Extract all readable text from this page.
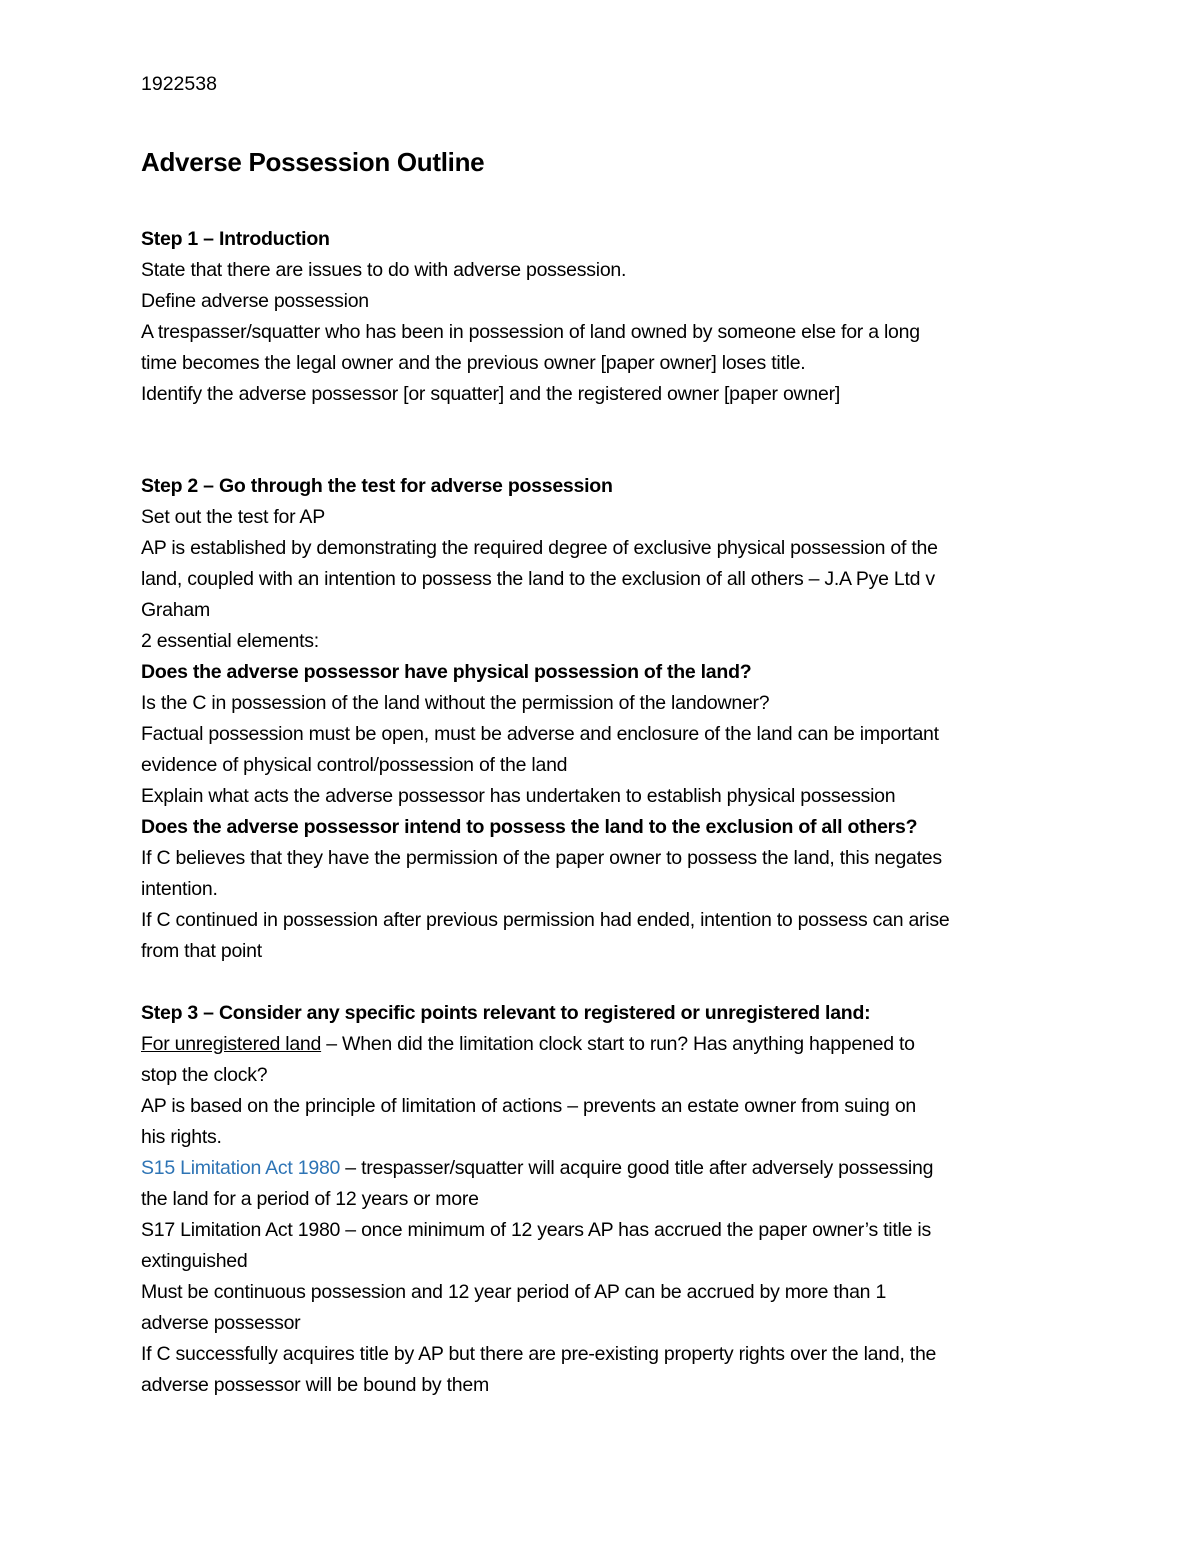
1922538
Adverse Possession Outline
Step 1 – Introduction
State that there are issues to do with adverse possession.
Define adverse possession
A trespasser/squatter who has been in possession of land owned by someone else for a long
time becomes the legal owner and the previous owner [paper owner] loses title.
Identify the adverse possessor [or squatter] and the registered owner [paper owner]
Step 2 – Go through the test for adverse possession
Set out the test for AP
AP is established by demonstrating the required degree of exclusive physical possession of the
land, coupled with an intention to possess the land to the exclusion of all others – J.A Pye Ltd v
Graham
2 essential elements:
Does the adverse possessor have physical possession of the land?
Is the C in possession of the land without the permission of the landowner?
Factual possession must be open, must be adverse and enclosure of the land can be important
evidence of physical control/possession of the land
Explain what acts the adverse possessor has undertaken to establish physical possession
Does the adverse possessor intend to possess the land to the exclusion of all others?
If C believes that they have the permission of the paper owner to possess the land, this negates
intention.
If C continued in possession after previous permission had ended, intention to possess can arise
from that point
Step 3 – Consider any specific points relevant to registered or unregistered land:
For unregistered land – When did the limitation clock start to run? Has anything happened to
stop the clock?
AP is based on the principle of limitation of actions – prevents an estate owner from suing on
his rights.
S15 Limitation Act 1980 – trespasser/squatter will acquire good title after adversely possessing
the land for a period of 12 years or more
S17 Limitation Act 1980 – once minimum of 12 years AP has accrued the paper owner’s title is
extinguished
Must be continuous possession and 12 year period of AP can be accrued by more than 1
adverse possessor
If C successfully acquires title by AP but there are pre-existing property rights over the land, the
adverse possessor will be bound by them
